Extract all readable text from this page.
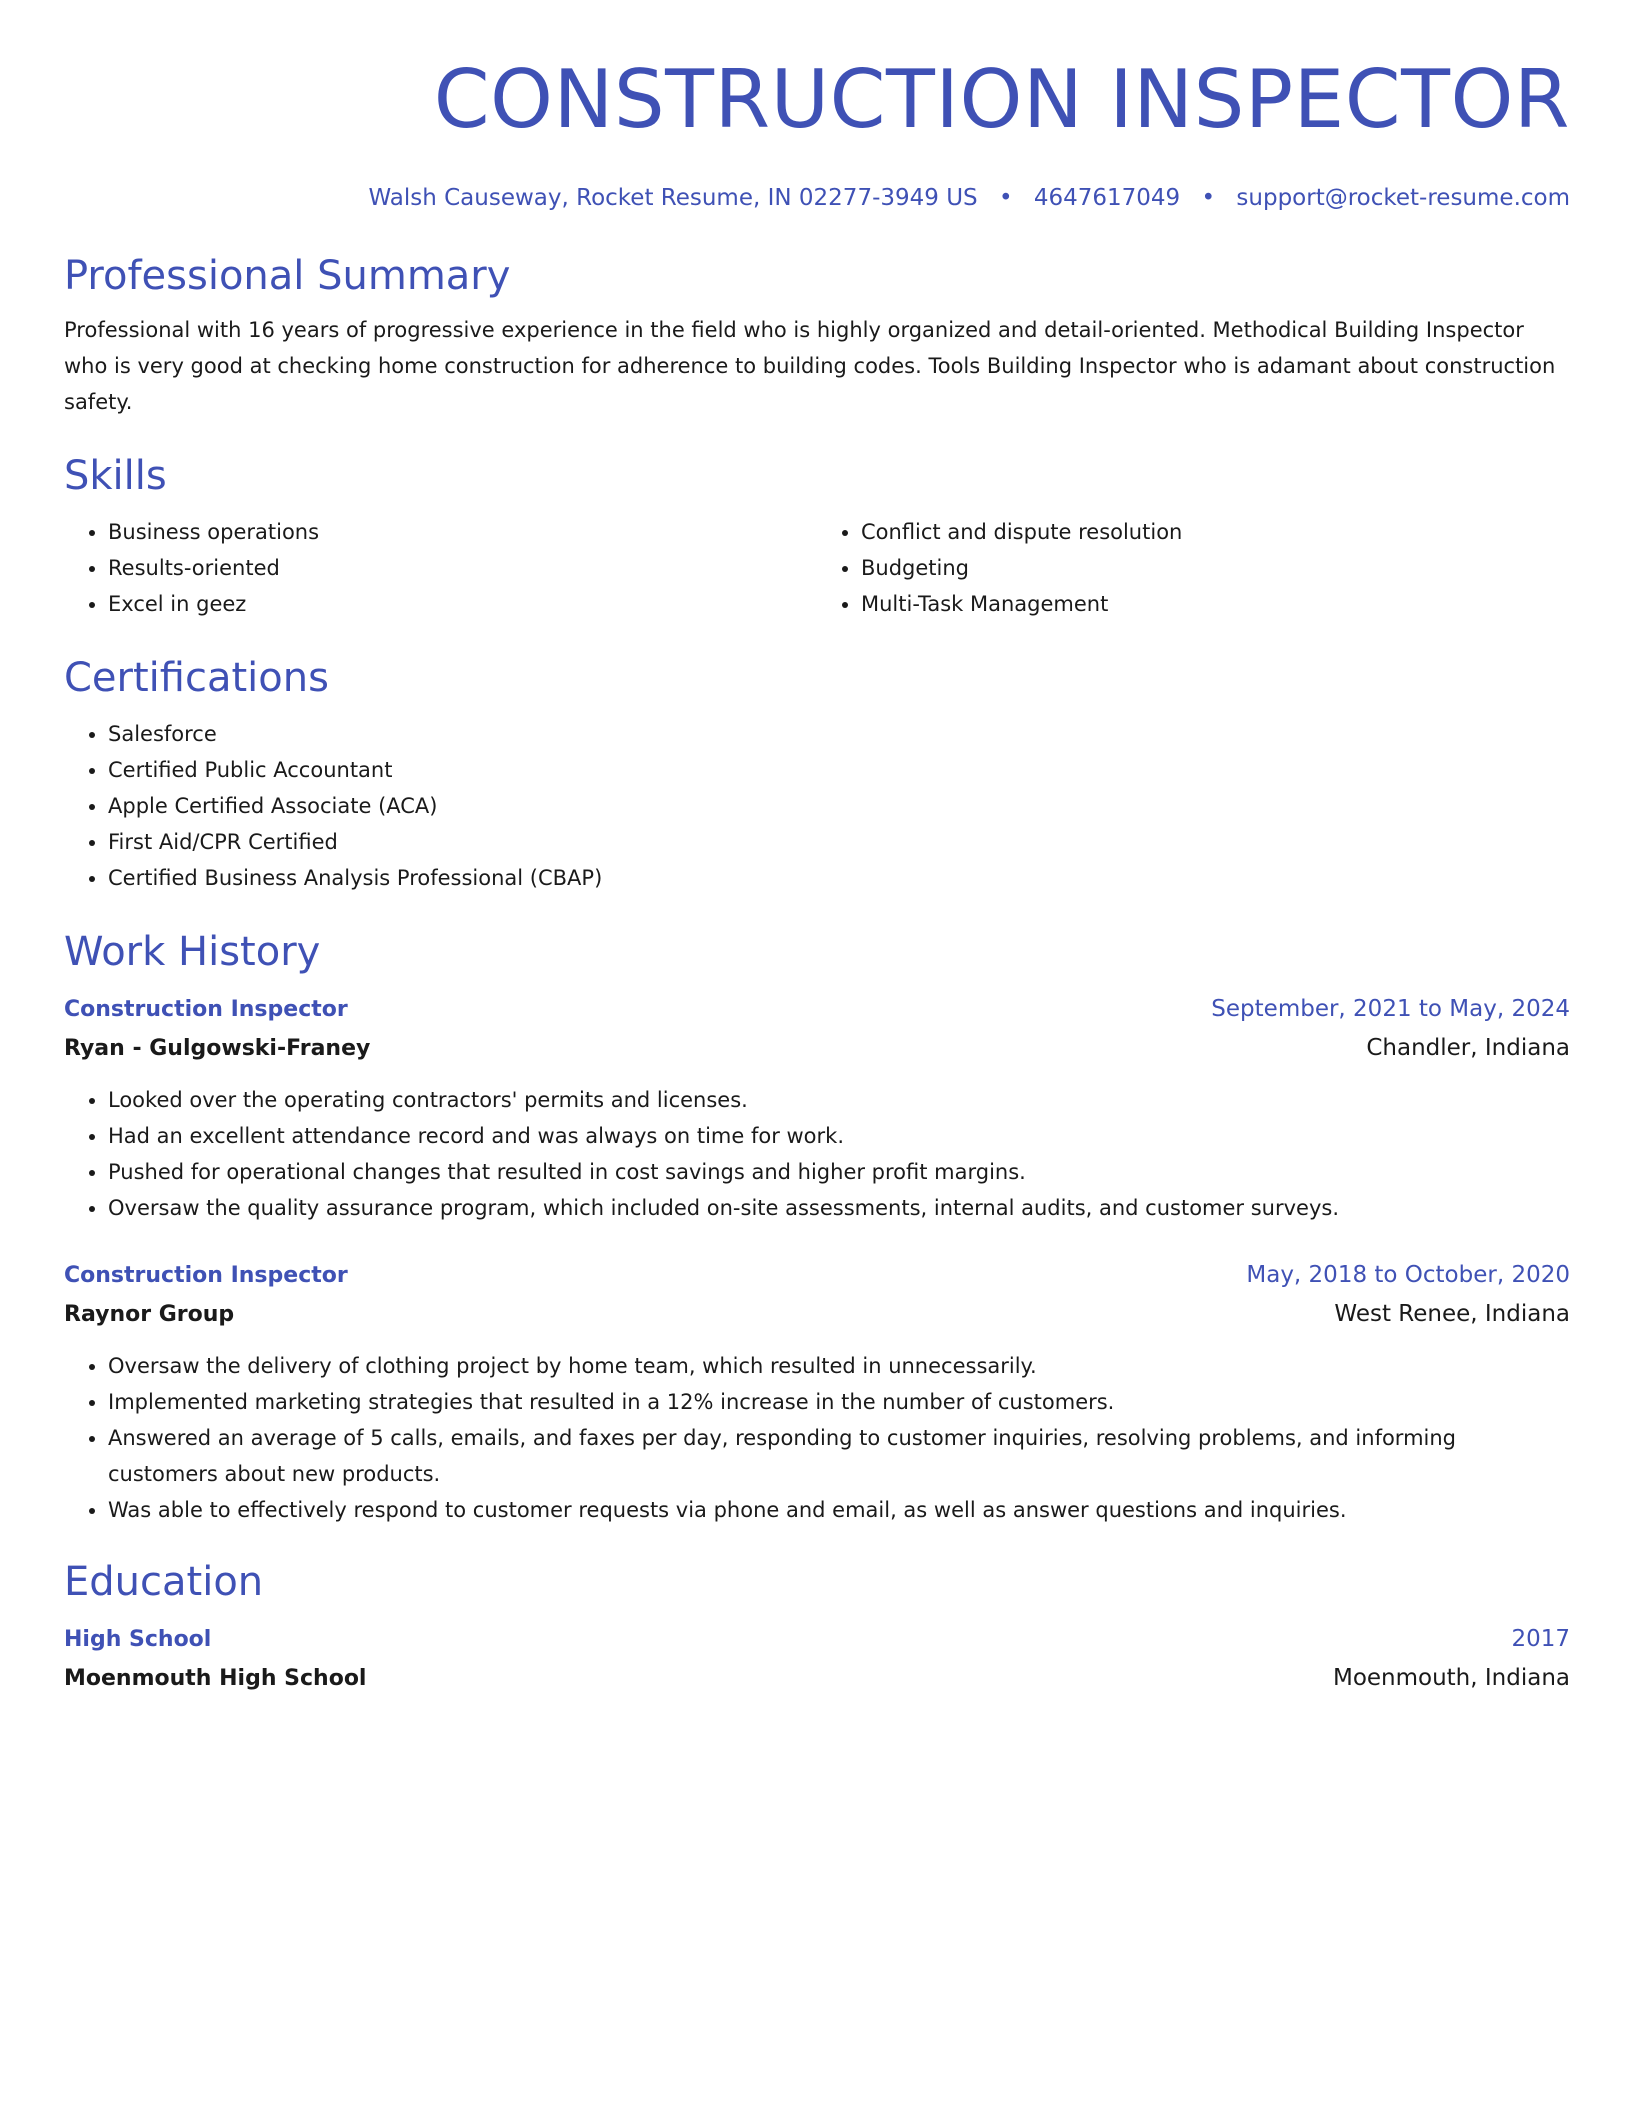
CONSTRUCTION INSPECTOR
Walsh Causeway, Rocket Resume, IN 02277-3949 US • 4647617049 • support@rocket-resume.com
Professional Summary

Professional with 16 years of progressive experience in the field who is highly organized and detail-oriented. Methodical Building Inspector who is very good at checking home construction for adherence to building codes. Tools Building Inspector who is adamant about construction safety.

Skills
• Business operations
• Results-oriented
• Excel in geez
• Conflict and dispute resolution
• Budgeting
• Multi-Task Management
Certifications
• Salesforce
• Certified Public Accountant
• Apple Certified Associate (ACA)
• First Aid/CPR Certified
• Certified Business Analysis Professional (CBAP)
Work History
Construction Inspector	September, 2021 to May, 2024
Ryan - Gulgowski-Franey	Chandler, Indiana
• Looked over the operating contractors' permits and licenses.
• Had an excellent attendance record and was always on time for work.
• Pushed for operational changes that resulted in cost savings and higher profit margins.
• Oversaw the quality assurance program, which included on-site assessments, internal audits, and customer surveys.
Construction Inspector	May, 2018 to October, 2020
Raynor Group	West Renee, Indiana
• Oversaw the delivery of clothing project by home team, which resulted in unnecessarily.
• Implemented marketing strategies that resulted in a 12% increase in the number of customers.
• Answered an average of 5 calls, emails, and faxes per day, responding to customer inquiries, resolving problems, and informing customers about new products.
• Was able to effectively respond to customer requests via phone and email, as well as answer questions and inquiries.
Education
High School	2017
Moenmouth High School	Moenmouth, Indiana
